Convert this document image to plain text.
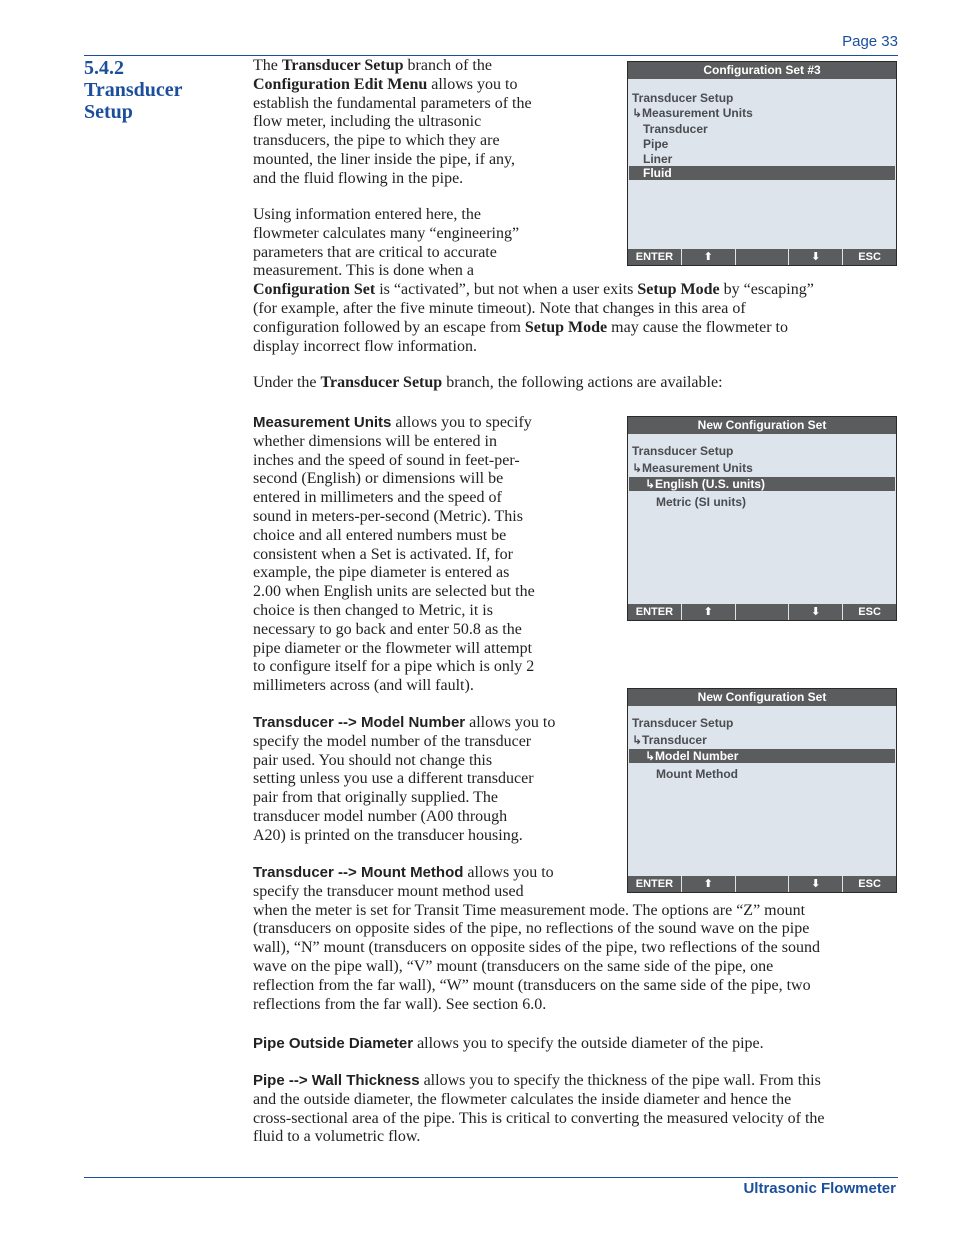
Page 33
5.4.2
Transducer
Setup
The Transducer Setup branch of the
Configuration Edit Menu allows you to
establish the fundamental parameters of the
flow meter, including the ultrasonic
transducers, the pipe to which they are
mounted, the liner inside the pipe, if any,
and the fluid flowing in the pipe.
Using information entered here, the
flowmeter calculates many “engineering”
parameters that are critical to accurate
measurement. This is done when a
Configuration Set is “activated”, but not when a user exits Setup Mode by “escaping”
(for example, after the five minute timeout). Note that changes in this area of
configuration followed by an escape from Setup Mode may cause the flowmeter to
display incorrect flow information.
Under the Transducer Setup branch, the following actions are available:
Measurement Units allows you to specify
whether dimensions will be entered in
inches and the speed of sound in feet-per-
second (English) or dimensions will be
entered in millimeters and the speed of
sound in meters-per-second (Metric). This
choice and all entered numbers must be
consistent when a Set is activated. If, for
example, the pipe diameter is entered as
2.00 when English units are selected but the
choice is then changed to Metric, it is
necessary to go back and enter 50.8 as the
pipe diameter or the flowmeter will attempt
to configure itself for a pipe which is only 2
millimeters across (and will fault).
Transducer --> Model Number allows you to
specify the model number of the transducer
pair used. You should not change this
setting unless you use a different transducer
pair from that originally supplied. The
transducer model number (A00 through
A20) is printed on the transducer housing.
Transducer --> Mount Method allows you to
specify the transducer mount method used
when the meter is set for Transit Time measurement mode. The options are “Z” mount
(transducers on opposite sides of the pipe, no reflections of the sound wave on the pipe
wall), “N” mount (transducers on opposite sides of the pipe, two reflections of the sound
wave on the pipe wall), “V” mount (transducers on the same side of the pipe, one
reflection from the far wall), “W” mount (transducers on the same side of the pipe, two
reflections from the far wall). See section 6.0.
Pipe Outside Diameter allows you to specify the outside diameter of the pipe.
Pipe --> Wall Thickness allows you to specify the thickness of the pipe wall. From this
and the outside diameter, the flowmeter calculates the inside diameter and hence the
cross-sectional area of the pipe. This is critical to converting the measured velocity of the
fluid to a volumetric flow.
Configuration Set #3
Transducer Setup
↳Measurement Units
Transducer
Pipe
Liner
Fluid
ENTER	⬆	⬇	ESC
New Configuration Set
Transducer Setup
↳Measurement Units
↳English (U.S. units)
Metric (SI units)
ENTER	⬆	⬇	ESC
New Configuration Set
Transducer Setup
↳Transducer
↳Model Number
Mount Method
ENTER	⬆	⬇	ESC
Ultrasonic Flowmeter
